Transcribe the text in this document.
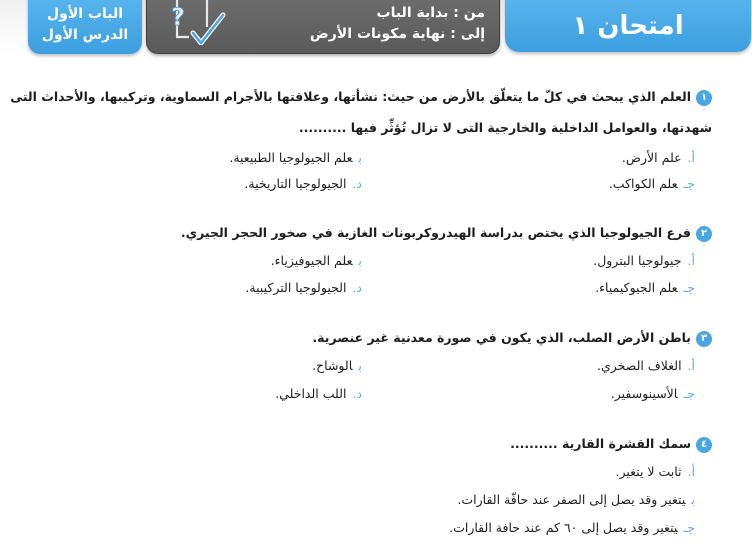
امتحان ١
من : بداية الباب
إلى : نهاية مكونات الأرض
?
الباب الأول
الدرس الأول
١العلم الذي يبحث في كلّ ما يتعلّق بالأرض من حيث: نشأتها، وعلاقتها بالأجرام السماوية، وتركيبها، والأحداث التى
شهدتها، والعوامل الداخلية والخارجية التى لا تزال تُؤثِّر فيها ..........
أ.علم الأرض.
بعلم الجيولوجيا الطبيعية.
جـعلم الكواكب.
د.الجيولوجيا التاريخية.
٢فرع الجيولوجيا الذي يختص بدراسة الهيدروكربونات الغازية في صخور الحجر الجيري.
أ.جيولوجيا البترول.
بعلم الجيوفيزياء.
جـعلم الجيوكيمياء.
د.الجيولوجيا التركيبية.
٣باطن الأرض الصلب، الذي يكون في صورة معدنية غير عنصرية.
أ.الغلاف الصخري.
بالوشاح.
جـالأسينوسفير.
د.اللب الداخلي.
٤سمك القشرة القارية ..........
أ.ثابت لا يتغير.
بيتغير وقد يصل إلى الصفر عند حافّة القارات.
جـيتغير وقد يصل إلى ٦٠ كم عند حافة القارات.
